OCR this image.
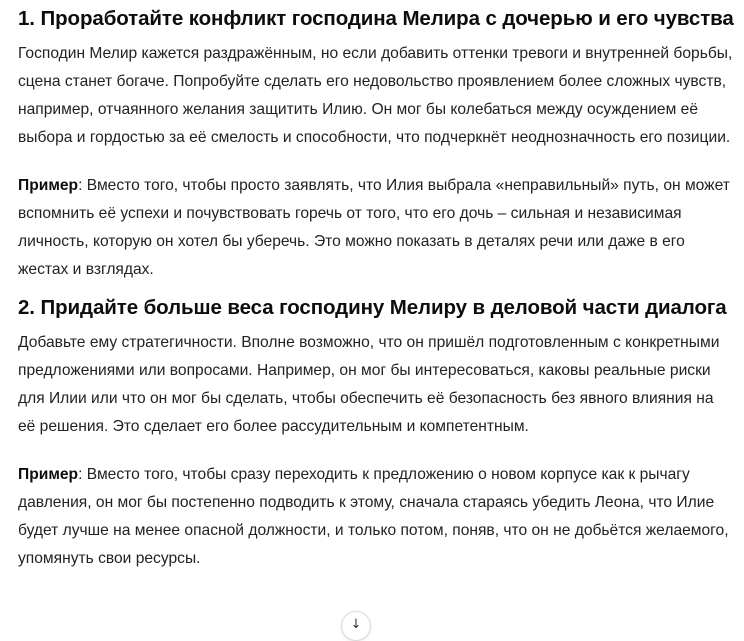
1. Проработайте конфликт господина Мелира с дочерью и его чувства

Господин Мелир кажется раздражённым, но если добавить оттенки тревоги и внутренней борьбы, сцена станет богаче. Попробуйте сделать его недовольство проявлением более сложных чувств, например, отчаянного желания защитить Илию. Он мог бы колебаться между осуждением её выбора и гордостью за её смелость и способности, что подчеркнёт неоднозначность его позиции.

Пример: Вместо того, чтобы просто заявлять, что Илия выбрала «неправильный» путь, он может вспомнить её успехи и почувствовать горечь от того, что его дочь – сильная и независимая личность, которую он хотел бы уберечь. Это можно показать в деталях речи или даже в его жестах и взглядах.

2. Придайте больше веса господину Мелиру в деловой части диалога

Добавьте ему стратегичности. Вполне возможно, что он пришёл подготовленным с конкретными предложениями или вопросами. Например, он мог бы интересоваться, каковы реальные риски для Илии или что он мог бы сделать, чтобы обеспечить её безопасность без явного влияния на её решения. Это сделает его более рассудительным и компетентным.

Пример: Вместо того, чтобы сразу переходить к предложению о новом корпусе как к рычагу давления, он мог бы постепенно подводить к этому, сначала стараясь убедить Леона, что Илие будет лучше на менее опасной должности, и только потом, поняв, что он не добьётся желаемого, упомянуть свои ресурсы.

↓
